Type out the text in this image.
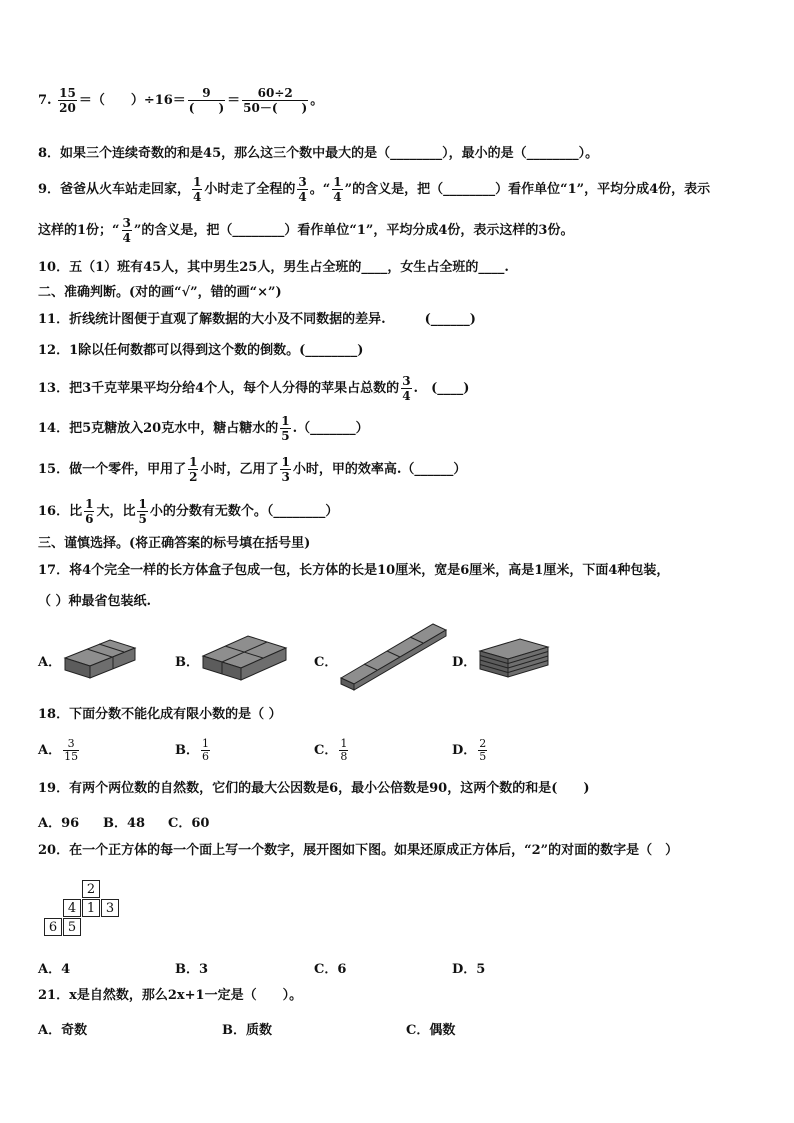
7. $\frac{15}{20}$ ＝（　　）$\div 16= \frac{9}{( )} = \frac{60\div 2}{50-( )}$ 。
8．如果三个连续奇数的和是45，那么这三个数中最大的是（________），最小的是（________）。
9．爸爸从火车站走回家， $\frac{1}{4}$ 小时走了全程的 $\frac{3}{4}$ 。“ $\frac{1}{4}$ ”的含义是，把（________）看作单位“1”，平均分成4份，表示
这样的1份；“ $\frac{3}{4}$ ”的含义是，把（________）看作单位“1”，平均分成4份，表示这样的3份。
10．五（1）班有45人，其中男生25人，男生占全班的____，女生占全班的____.
二、准确判断。(对的画“√”，错的画“×”)
11．折线统计图便于直观了解数据的大小及不同数据的差异.　　　(______)
12．1除以任何数都可以得到这个数的倒数。(________)
13．把3千克苹果平均分给4个人，每个人分得的苹果占总数的 $\frac{3}{4}$ .　(____)
14．把5克糖放入20克水中，糖占糖水的 $\frac{1}{5}$ .（_______）
15．做一个零件，甲用了 $\frac{1}{2}$ 小时，乙用了 $\frac{1}{3}$ 小时，甲的效率高.（______）
16．比 $\frac{1}{6}$ 大，比 $\frac{1}{5}$ 小的分数有无数个。（________）
三、谨慎选择。(将正确答案的标号填在括号里)
17．将4个完全一样的长方体盒子包成一包，长方体的长是10厘米，宽是6厘米，高是1厘米，下面4种包装，
（ ）种最省包装纸.
A．	B．	C．	D．
18．下面分数不能化成有限小数的是（ ）
A． $\frac{3}{15}$	B． $\frac{1}{6}$	C． $\frac{1}{8}$	D． $\frac{2}{5}$
19．有两个两位数的自然数，它们的最大公因数是6，最小公倍数是90，这两个数的和是(　　)
A．96 B．48 C．60
20．在一个正方体的每一个面上写一个数字，展开图如下图。如果还原成正方体后，“2”的对面的数字是（　）
2
4 1 3
6 5
A．4	B．3	C．6	D．5
21．x是自然数，那么2x+1一定是（　　）。
A．奇数	B．质数	C．偶数
